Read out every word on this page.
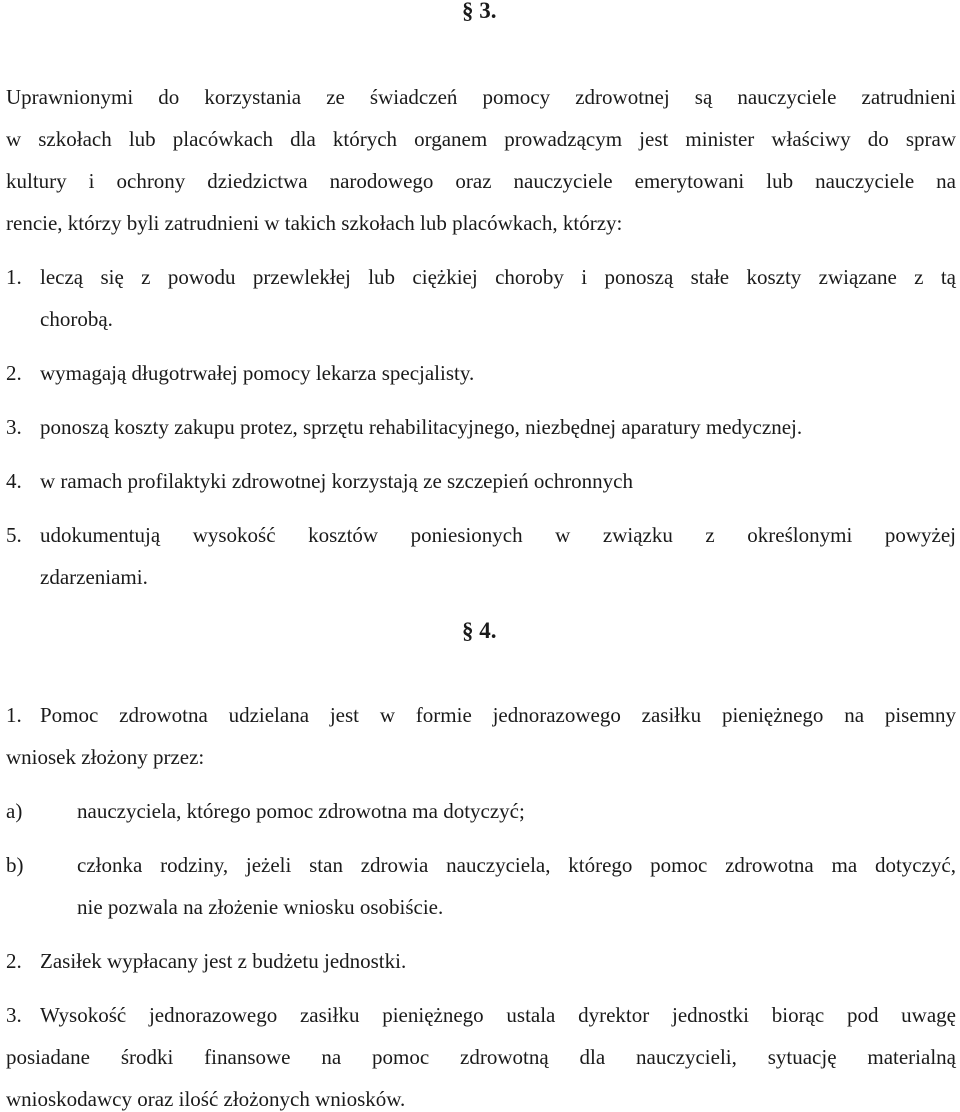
§ 3.
Uprawnionymi do korzystania ze świadczeń pomocy zdrowotnej są nauczyciele zatrudnieni
w szkołach lub placówkach dla których organem prowadzącym jest minister właściwy do spraw
kultury i ochrony dziedzictwa narodowego oraz nauczyciele emerytowani lub nauczyciele na
rencie, którzy byli zatrudnieni w takich szkołach lub placówkach, którzy:
1. leczą się z powodu przewlekłej lub ciężkiej choroby i ponoszą stałe koszty związane z tą
chorobą.
2. wymagają długotrwałej pomocy lekarza specjalisty.
3. ponoszą koszty zakupu protez, sprzętu rehabilitacyjnego, niezbędnej aparatury medycznej.
4. w ramach profilaktyki zdrowotnej korzystają ze szczepień ochronnych
5. udokumentują wysokość kosztów poniesionych w związku z określonymi powyżej
zdarzeniami.
§ 4.
1. Pomoc zdrowotna udzielana jest w formie jednorazowego zasiłku pieniężnego na pisemny
wniosek złożony przez:
a)	nauczyciela, którego pomoc zdrowotna ma dotyczyć;
b)	członka rodziny, jeżeli stan zdrowia nauczyciela, którego pomoc zdrowotna ma dotyczyć,
nie pozwala na złożenie wniosku osobiście.
2. Zasiłek wypłacany jest z budżetu jednostki.
3. Wysokość jednorazowego zasiłku pieniężnego ustala dyrektor jednostki biorąc pod uwagę
posiadane środki finansowe na pomoc zdrowotną dla nauczycieli, sytuację materialną
wnioskodawcy oraz ilość złożonych wniosków.
